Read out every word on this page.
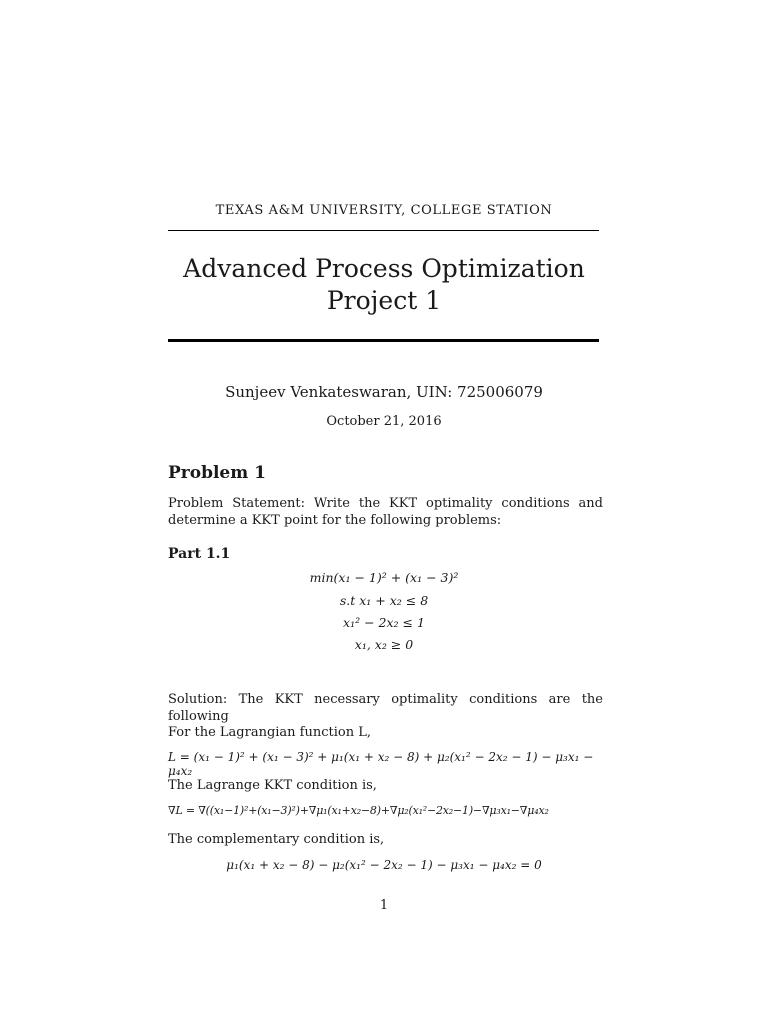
TEXAS A&M UNIVERSITY, COLLEGE STATION
Advanced Process Optimization
Project 1
Sunjeev Venkateswaran, UIN: 725006079
October 21, 2016
Problem 1
Problem Statement: Write the KKT optimality conditions and determine a KKT point for the following problems:
Part 1.1
min(x₁ − 1)² + (x₁ − 3)²
s.t x₁ + x₂ ≤ 8
x₁² − 2x₂ ≤ 1
x₁, x₂ ≥ 0
Solution: The KKT necessary optimality conditions are the following
For the Lagrangian function L,
L = (x₁ − 1)² + (x₁ − 3)² + μ₁(x₁ + x₂ − 8) + μ₂(x₁² − 2x₂ − 1) − μ₃x₁ − μ₄x₂
The Lagrange KKT condition is,
∇L = ∇((x₁−1)²+(x₁−3)²)+∇μ₁(x₁+x₂−8)+∇μ₂(x₁²−2x₂−1)−∇μ₃x₁−∇μ₄x₂
The complementary condition is,
μ₁(x₁ + x₂ − 8) − μ₂(x₁² − 2x₂ − 1) − μ₃x₁ − μ₄x₂ = 0
1
